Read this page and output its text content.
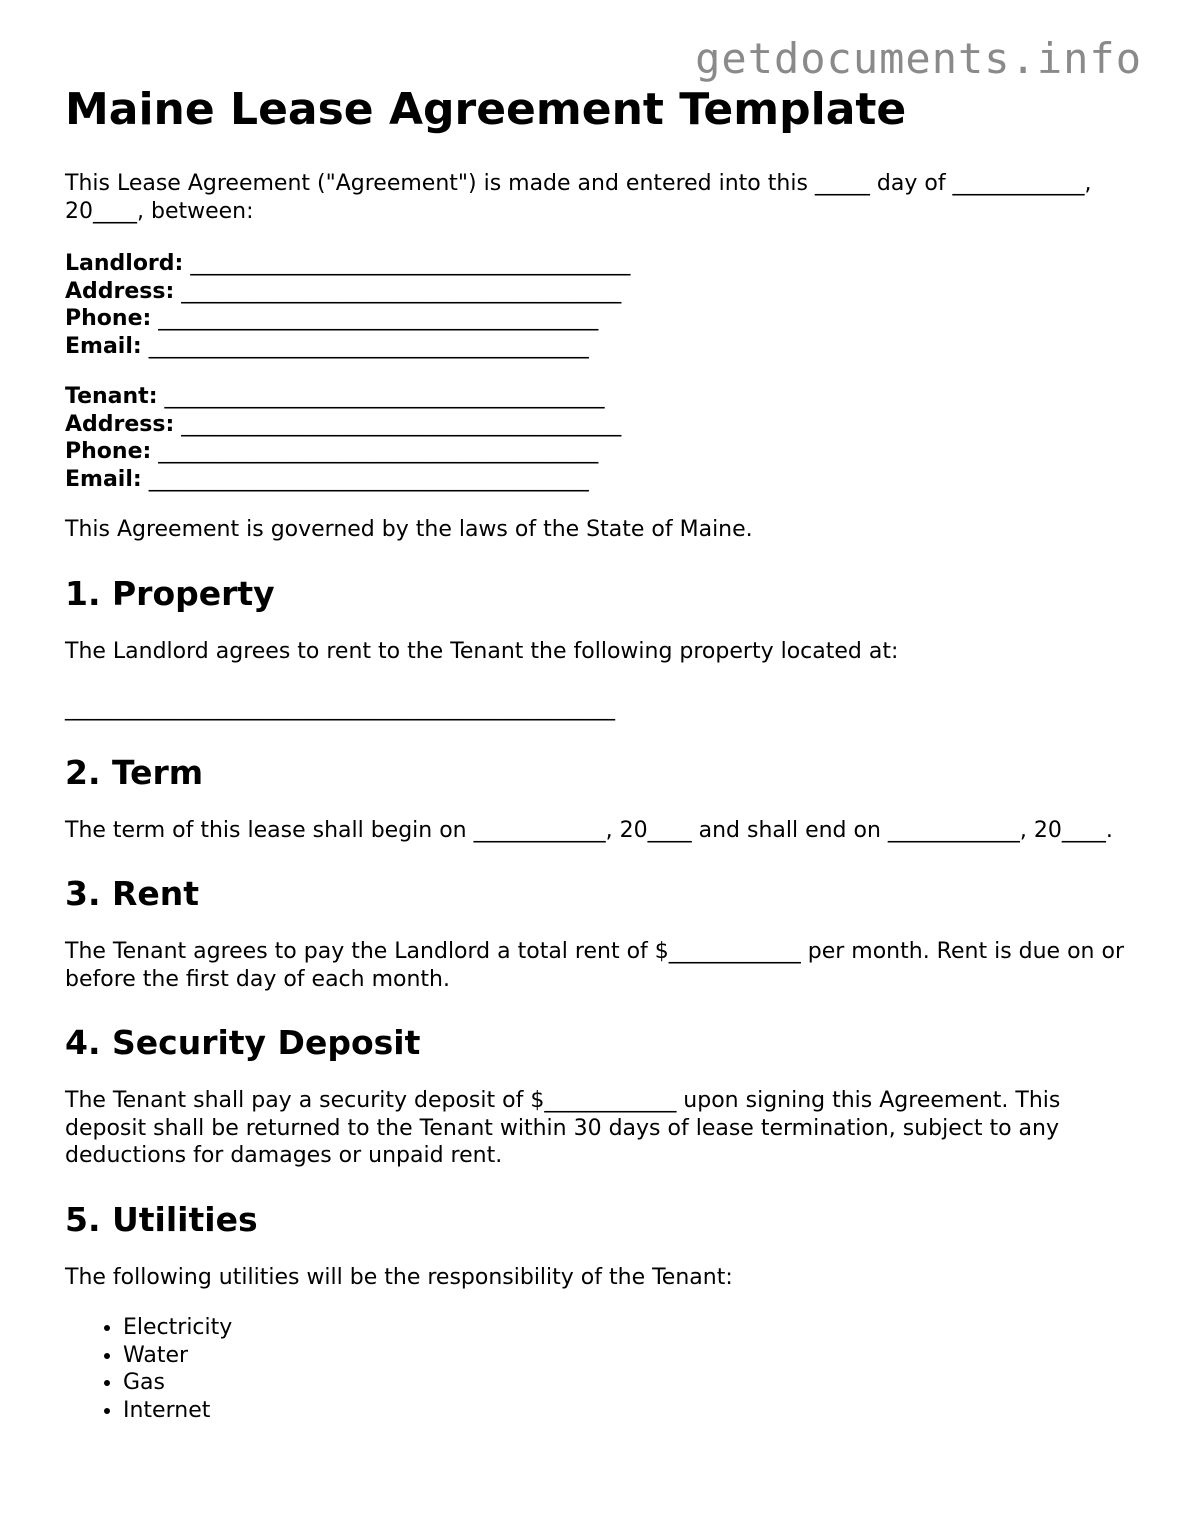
getdocuments.info
Maine Lease Agreement Template

This Lease Agreement ("Agreement") is made and entered into this _____ day of ____________, 20____, between:

Landlord: ________________________________________
Address: ________________________________________
Phone: ________________________________________
Email: ________________________________________
Tenant: ________________________________________
Address: ________________________________________
Phone: ________________________________________
Email: ________________________________________

This Agreement is governed by the laws of the State of Maine.

1. Property

The Landlord agrees to rent to the Tenant the following property located at:

__________________________________________________

2. Term

The term of this lease shall begin on ____________, 20____ and shall end on ____________, 20____.

3. Rent

The Tenant agrees to pay the Landlord a total rent of $____________ per month. Rent is due on or before the first day of each month.

4. Security Deposit

The Tenant shall pay a security deposit of $____________ upon signing this Agreement. This deposit shall be returned to the Tenant within 30 days of lease termination, subject to any deductions for damages or unpaid rent.

5. Utilities

The following utilities will be the responsibility of the Tenant:

• Electricity
• Water
• Gas
• Internet
